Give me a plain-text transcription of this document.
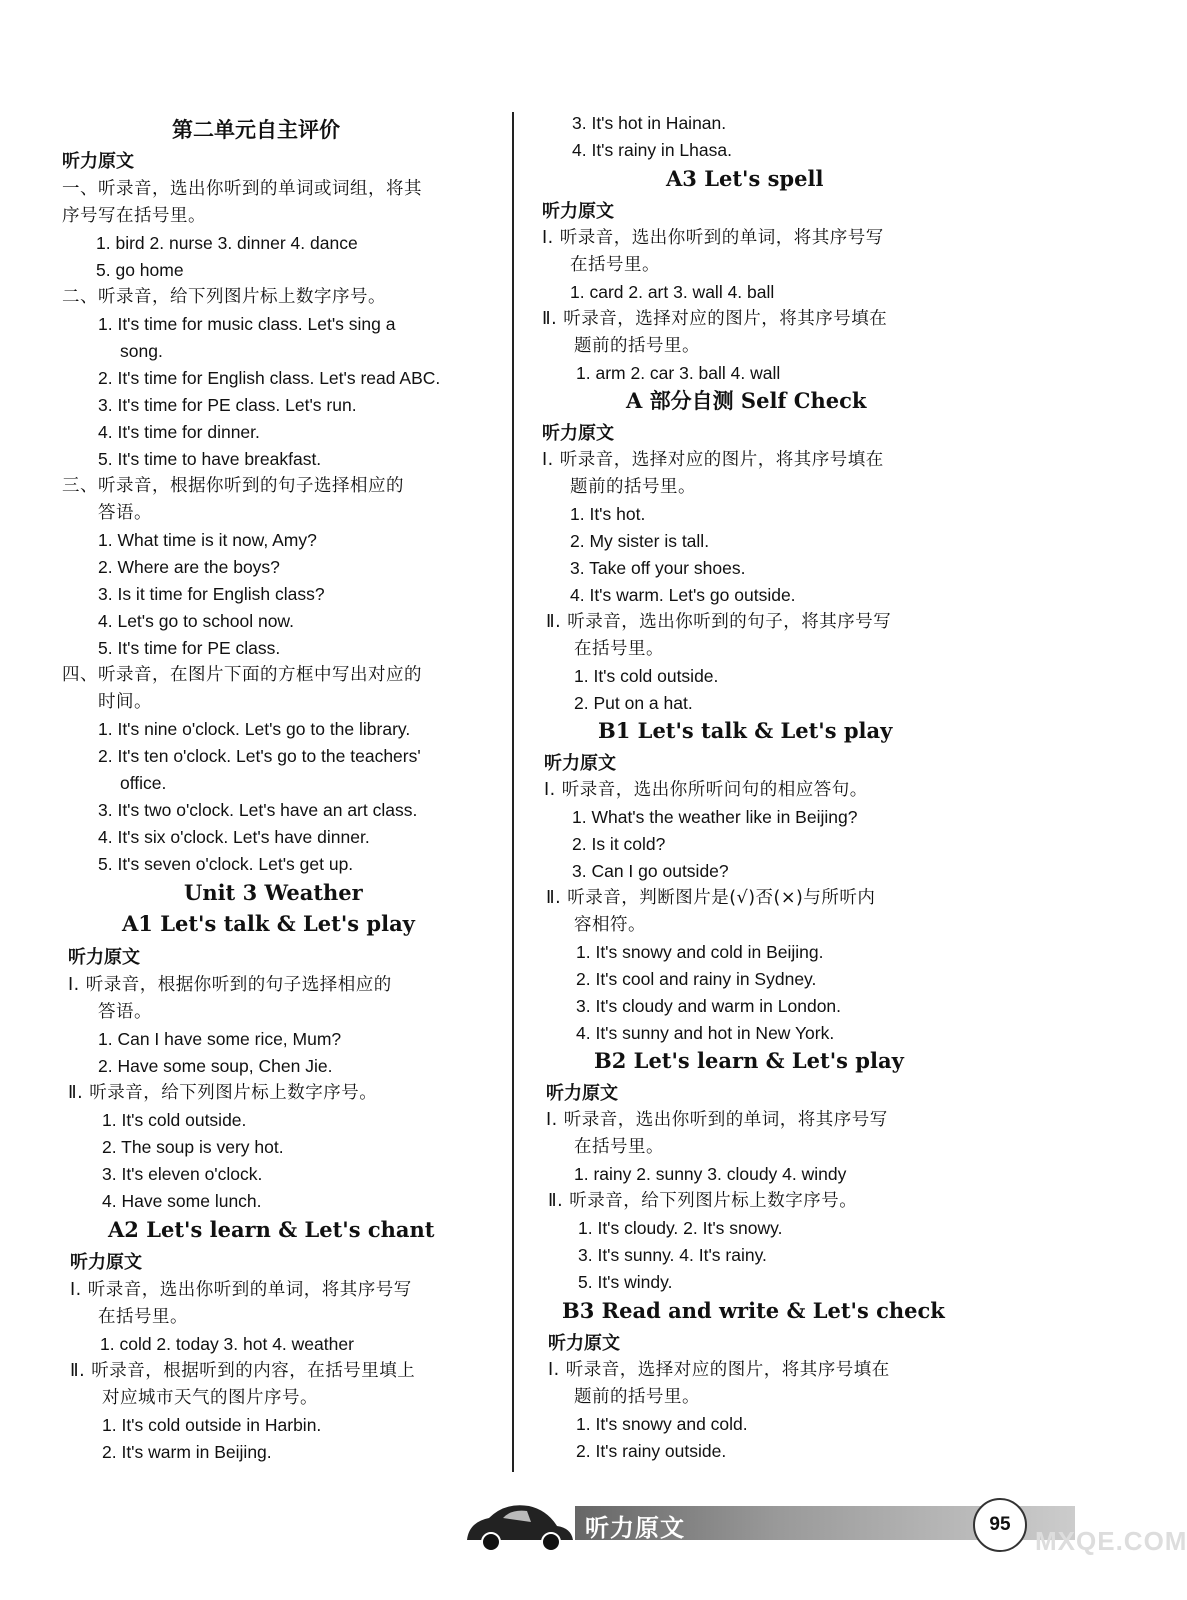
第二单元自主评价
听力原文
一、听录音，选出你听到的单词或词组，将其
序号写在括号里。
1. bird 2. nurse 3. dinner 4. dance
5. go home
二、听录音，给下列图片标上数字序号。
1. It's time for music class. Let's sing a
song.
2. It's time for English class. Let's read ABC.
3. It's time for PE class. Let's run.
4. It's time for dinner.
5. It's time to have breakfast.
三、听录音，根据你听到的句子选择相应的
答语。
1. What time is it now, Amy?
2. Where are the boys?
3. Is it time for English class?
4. Let's go to school now.
5. It's time for PE class.
四、听录音，在图片下面的方框中写出对应的
时间。
1. It's nine o'clock. Let's go to the library.
2. It's ten o'clock. Let's go to the teachers'
office.
3. It's two o'clock. Let's have an art class.
4. It's six o'clock. Let's have dinner.
5. It's seven o'clock. Let's get up.
Unit 3 Weather
A1 Let's talk & Let's play
听力原文
Ⅰ. 听录音，根据你听到的句子选择相应的
答语。
1. Can I have some rice, Mum?
2. Have some soup, Chen Jie.
Ⅱ. 听录音，给下列图片标上数字序号。
1. It's cold outside.
2. The soup is very hot.
3. It's eleven o'clock.
4. Have some lunch.
A2 Let's learn & Let's chant
听力原文
Ⅰ. 听录音，选出你听到的单词，将其序号写
在括号里。
1. cold 2. today 3. hot 4. weather
Ⅱ. 听录音，根据听到的内容，在括号里填上
对应城市天气的图片序号。
1. It's cold outside in Harbin.
2. It's warm in Beijing.
3. It's hot in Hainan.
4. It's rainy in Lhasa.
A3 Let's spell
听力原文
Ⅰ. 听录音，选出你听到的单词，将其序号写
在括号里。
1. card 2. art 3. wall 4. ball
Ⅱ. 听录音，选择对应的图片，将其序号填在
题前的括号里。
1. arm 2. car 3. ball 4. wall
A 部分自测 Self Check
听力原文
Ⅰ. 听录音，选择对应的图片，将其序号填在
题前的括号里。
1. It's hot.
2. My sister is tall.
3. Take off your shoes.
4. It's warm. Let's go outside.
Ⅱ. 听录音，选出你听到的句子，将其序号写
在括号里。
1. It's cold outside.
2. Put on a hat.
B1 Let's talk & Let's play
听力原文
Ⅰ. 听录音，选出你所听问句的相应答句。
1. What's the weather like in Beijing?
2. Is it cold?
3. Can I go outside?
Ⅱ. 听录音，判断图片是(√)否(×)与所听内
容相符。
1. It's snowy and cold in Beijing.
2. It's cool and rainy in Sydney.
3. It's cloudy and warm in London.
4. It's sunny and hot in New York.
B2 Let's learn & Let's play
听力原文
Ⅰ. 听录音，选出你听到的单词，将其序号写
在括号里。
1. rainy 2. sunny 3. cloudy 4. windy
Ⅱ. 听录音，给下列图片标上数字序号。
1. It's cloudy. 2. It's snowy.
3. It's sunny. 4. It's rainy.
5. It's windy.
B3 Read and write & Let's check
听力原文
Ⅰ. 听录音，选择对应的图片，将其序号填在
题前的括号里。
1. It's snowy and cold.
2. It's rainy outside.
听力原文	95
MXQE.COM
